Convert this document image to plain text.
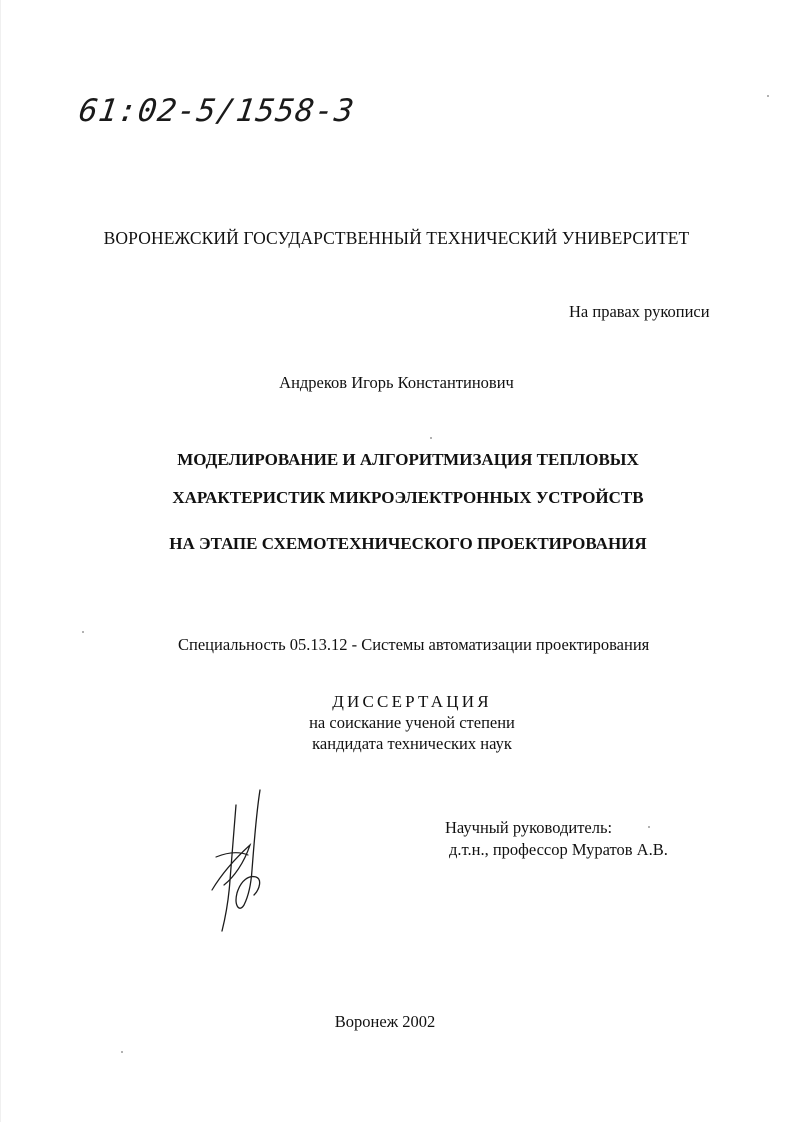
61:02-5/1558-3
ВОРОНЕЖСКИЙ ГОСУДАРСТВЕННЫЙ ТЕХНИЧЕСКИЙ УНИВЕРСИТЕТ
На правах рукописи
Андреков Игорь Константинович
МОДЕЛИРОВАНИЕ И АЛГОРИТМИЗАЦИЯ ТЕПЛОВЫХ
ХАРАКТЕРИСТИК МИКРОЭЛЕКТРОННЫХ УСТРОЙСТВ
НА ЭТАПЕ СХЕМОТЕХНИЧЕСКОГО ПРОЕКТИРОВАНИЯ
Специальность 05.13.12 - Системы автоматизации проектирования
ДИССЕРТАЦИЯ
на соискание ученой степени
кандидата технических наук
Научный руководитель:
д.т.н., профессор Муратов А.В.
Воронеж 2002
